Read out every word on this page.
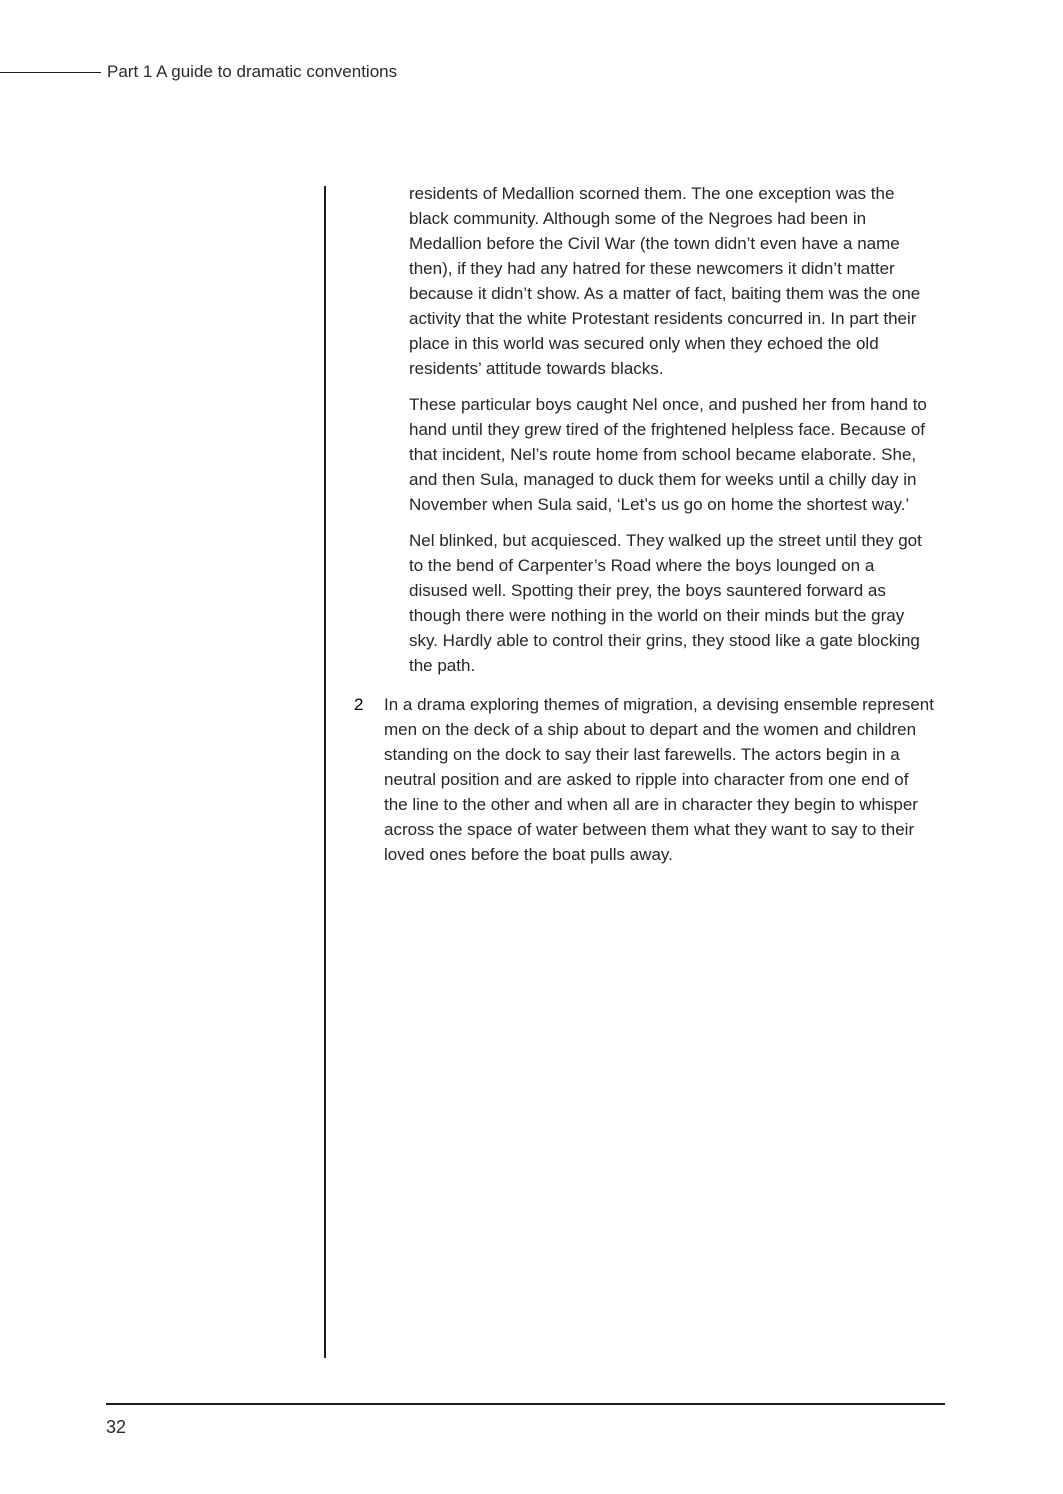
Part 1 A guide to dramatic conventions

residents of Medallion scorned them. The one exception was the black community. Although some of the Negroes had been in Medallion before the Civil War (the town didn’t even have a name then), if they had any hatred for these newcomers it didn’t matter because it didn’t show. As a matter of fact, baiting them was the one activity that the white Protestant residents concurred in. In part their place in this world was secured only when they echoed the old residents’ attitude towards blacks.

These particular boys caught Nel once, and pushed her from hand to hand until they grew tired of the frightened helpless face. Because of that incident, Nel’s route home from school became elaborate. She, and then Sula, managed to duck them for weeks until a chilly day in November when Sula said, ‘Let’s us go on home the shortest way.’

Nel blinked, but acquiesced. They walked up the street until they got to the bend of Carpenter’s Road where the boys lounged on a disused well. Spotting their prey, the boys sauntered forward as though there were nothing in the world on their minds but the gray sky. Hardly able to control their grins, they stood like a gate blocking the path.

2	In a drama exploring themes of migration, a devising ensemble represent men on the deck of a ship about to depart and the women and children standing on the dock to say their last farewells. The actors begin in a neutral position and are asked to ripple into character from one end of the line to the other and when all are in character they begin to whisper across the space of water between them what they want to say to their loved ones before the boat pulls away.

32
